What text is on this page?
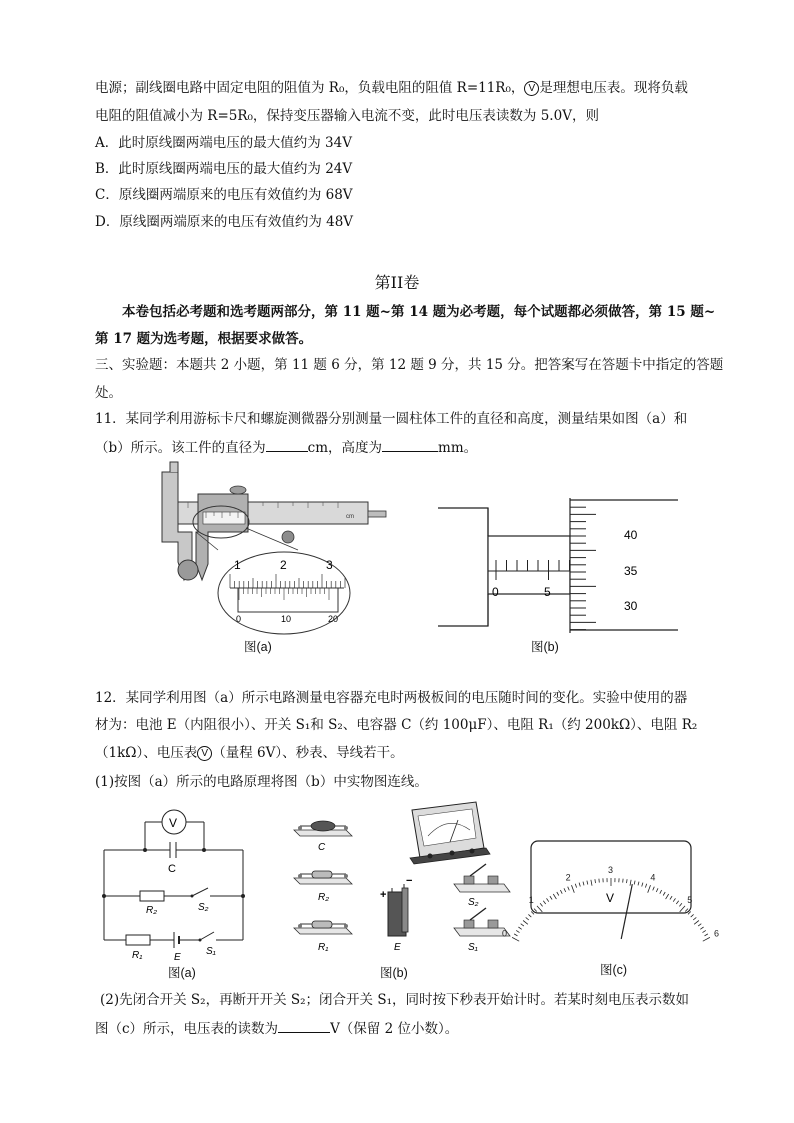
电源；副线圈电路中固定电阻的阻值为 R₀，负载电阻的阻值 R=11R₀， V 是理想电压表。现将负载
电阻的阻值减小为 R=5R₀，保持变压器输入电流不变，此时电压表读数为 5.0V，则
A．此时原线圈两端电压的最大值约为 34V
B．此时原线圈两端电压的最大值约为 24V
C．原线圈两端原来的电压有效值约为 68V
D．原线圈两端原来的电压有效值约为 48V
第II卷
本卷包括必考题和选考题两部分，第 11 题~第 14 题为必考题，每个试题都必须做答，第 15 题~
第 17 题为选考题，根据要求做答。
三、实验题：本题共 2 小题，第 11 题 6 分，第 12 题 9 分，共 15 分。把答案写在答题卡中指定的答题
处。
11．某同学利用游标卡尺和螺旋测微器分别测量一圆柱体工件的直径和高度，测量结果如图（a）和
（b）所示。该工件的直径为	cm，高度为	mm。
cm
1	2	3
0	10	20
图(a)
0	5
40
35
30
图(b)
12．某同学利用图（a）所示电路测量电容器充电时两极板间的电压随时间的变化。实验中使用的器
材为：电池 E（内阻很小）、开关 S₁和 S₂、电容器 C（约 100μF）、电阻 R₁（约 200kΩ）、电阻 R₂
（1kΩ）、电压表 V （量程 6V）、秒表、导线若干。
(1)按图（a）所示的电路原理将图（b）中实物图连线。
V
C
R₂	S₂
R₁	E
S₁
图(a)
C
R₂
R₁
+
−
E
S₂
S₁
图(b)
0
1
2
3
4
5
6
V
图(c)
(2)先闭合开关 S₂，再断开开关 S₂；闭合开关 S₁，同时按下秒表开始计时。若某时刻电压表示数如
图（c）所示，电压表的读数为	V（保留 2 位小数）。
